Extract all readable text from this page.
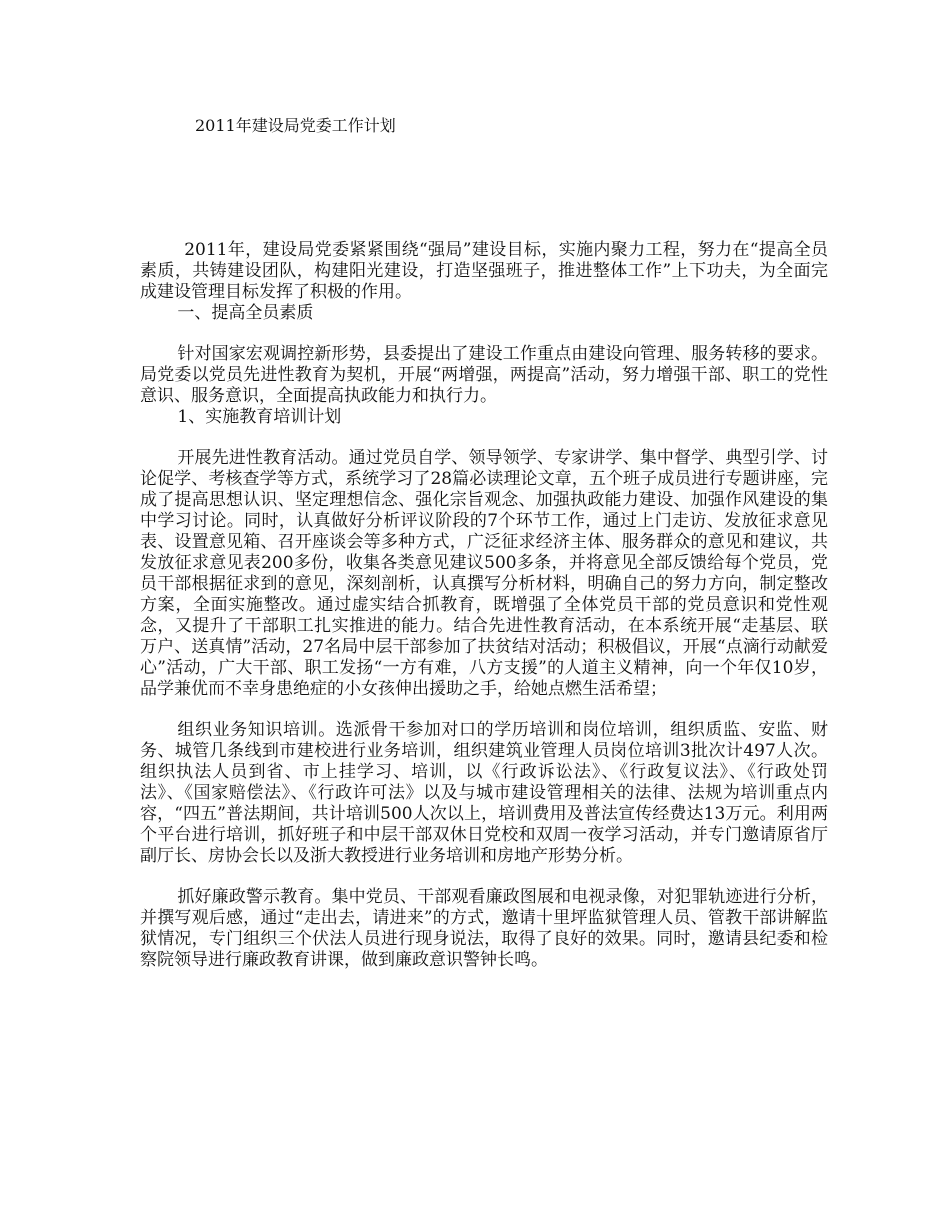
2011年建设局党委工作计划

2011年，建设局党委紧紧围绕“强局”建设目标，实施内聚力工程，努力在“提高全员素质，共铸建设团队，构建阳光建设，打造坚强班子，推进整体工作”上下功夫，为全面完成建设管理目标发挥了积极的作用。

一、提高全员素质

针对国家宏观调控新形势，县委提出了建设工作重点由建设向管理、服务转移的要求。局党委以党员先进性教育为契机，开展“两增强，两提高”活动，努力增强干部、职工的党性意识、服务意识，全面提高执政能力和执行力。

1、实施教育培训计划

开展先进性教育活动。通过党员自学、领导领学、专家讲学、集中督学、典型引学、讨论促学、考核查学等方式，系统学习了28篇必读理论文章，五个班子成员进行专题讲座，完成了提高思想认识、坚定理想信念、强化宗旨观念、加强执政能力建设、加强作风建设的集中学习讨论。同时，认真做好分析评议阶段的7个环节工作，通过上门走访、发放征求意见表、设置意见箱、召开座谈会等多种方式，广泛征求经济主体、服务群众的意见和建议，共发放征求意见表200多份，收集各类意见建议500多条，并将意见全部反馈给每个党员，党员干部根据征求到的意见，深刻剖析，认真撰写分析材料，明确自己的努力方向，制定整改方案，全面实施整改。通过虚实结合抓教育，既增强了全体党员干部的党员意识和党性观念，又提升了干部职工扎实推进的能力。结合先进性教育活动，在本系统开展“走基层、联万户、送真情”活动，27名局中层干部参加了扶贫结对活动；积极倡议，开展“点滴行动献爱心”活动，广大干部、职工发扬“一方有难，八方支援”的人道主义精神，向一个年仅10岁，品学兼优而不幸身患绝症的小女孩伸出援助之手，给她点燃生活希望；

组织业务知识培训。选派骨干参加对口的学历培训和岗位培训，组织质监、安监、财务、城管几条线到市建校进行业务培训，组织建筑业管理人员岗位培训3批次计497人次。组织执法人员到省、市上挂学习、培训，以《行政诉讼法》、《行政复议法》、《行政处罚法》、《国家赔偿法》、《行政许可法》以及与城市建设管理相关的法律、法规为培训重点内容，“四五”普法期间，共计培训500人次以上，培训费用及普法宣传经费达13万元。利用两个平台进行培训，抓好班子和中层干部双休日党校和双周一夜学习活动，并专门邀请原省厅副厅长、房协会长以及浙大教授进行业务培训和房地产形势分析。

抓好廉政警示教育。集中党员、干部观看廉政图展和电视录像，对犯罪轨迹进行分析，并撰写观后感，通过“走出去，请进来”的方式，邀请十里坪监狱管理人员、管教干部讲解监狱情况，专门组织三个伏法人员进行现身说法，取得了良好的效果。同时，邀请县纪委和检察院领导进行廉政教育讲课，做到廉政意识警钟长鸣。
